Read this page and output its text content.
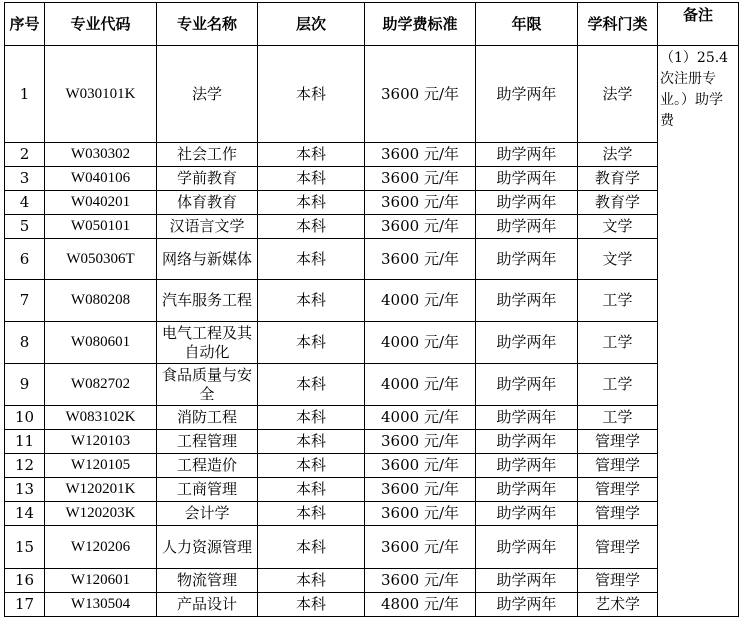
序号	专业代码	专业名称	层次	助学费标准	年限	学科门类	备注
1	W030101K	法学	本科	3600 元/年	助学两年	法学	（1）25.4次注册专业。）助学费
2	W030302	社会工作	本科	3600 元/年	助学两年	法学	
3	W040106	学前教育	本科	3600 元/年	助学两年	教育学	
4	W040201	体育教育	本科	3600 元/年	助学两年	教育学	
5	W050101	汉语言文学	本科	3600 元/年	助学两年	文学	
6	W050306T	网络与新媒体	本科	3600 元/年	助学两年	文学	
7	W080208	汽车服务工程	本科	4000 元/年	助学两年	工学	
8	W080601	电气工程及其自动化	本科	4000 元/年	助学两年	工学	
9	W082702	食品质量与安全	本科	4000 元/年	助学两年	工学	
10	W083102K	消防工程	本科	4000 元/年	助学两年	工学	
11	W120103	工程管理	本科	3600 元/年	助学两年	管理学	
12	W120105	工程造价	本科	3600 元/年	助学两年	管理学	
13	W120201K	工商管理	本科	3600 元/年	助学两年	管理学	
14	W120203K	会计学	本科	3600 元/年	助学两年	管理学	
15	W120206	人力资源管理	本科	3600 元/年	助学两年	管理学	
16	W120601	物流管理	本科	3600 元/年	助学两年	管理学	
17	W130504	产品设计	本科	4800 元/年	助学两年	艺术学	
